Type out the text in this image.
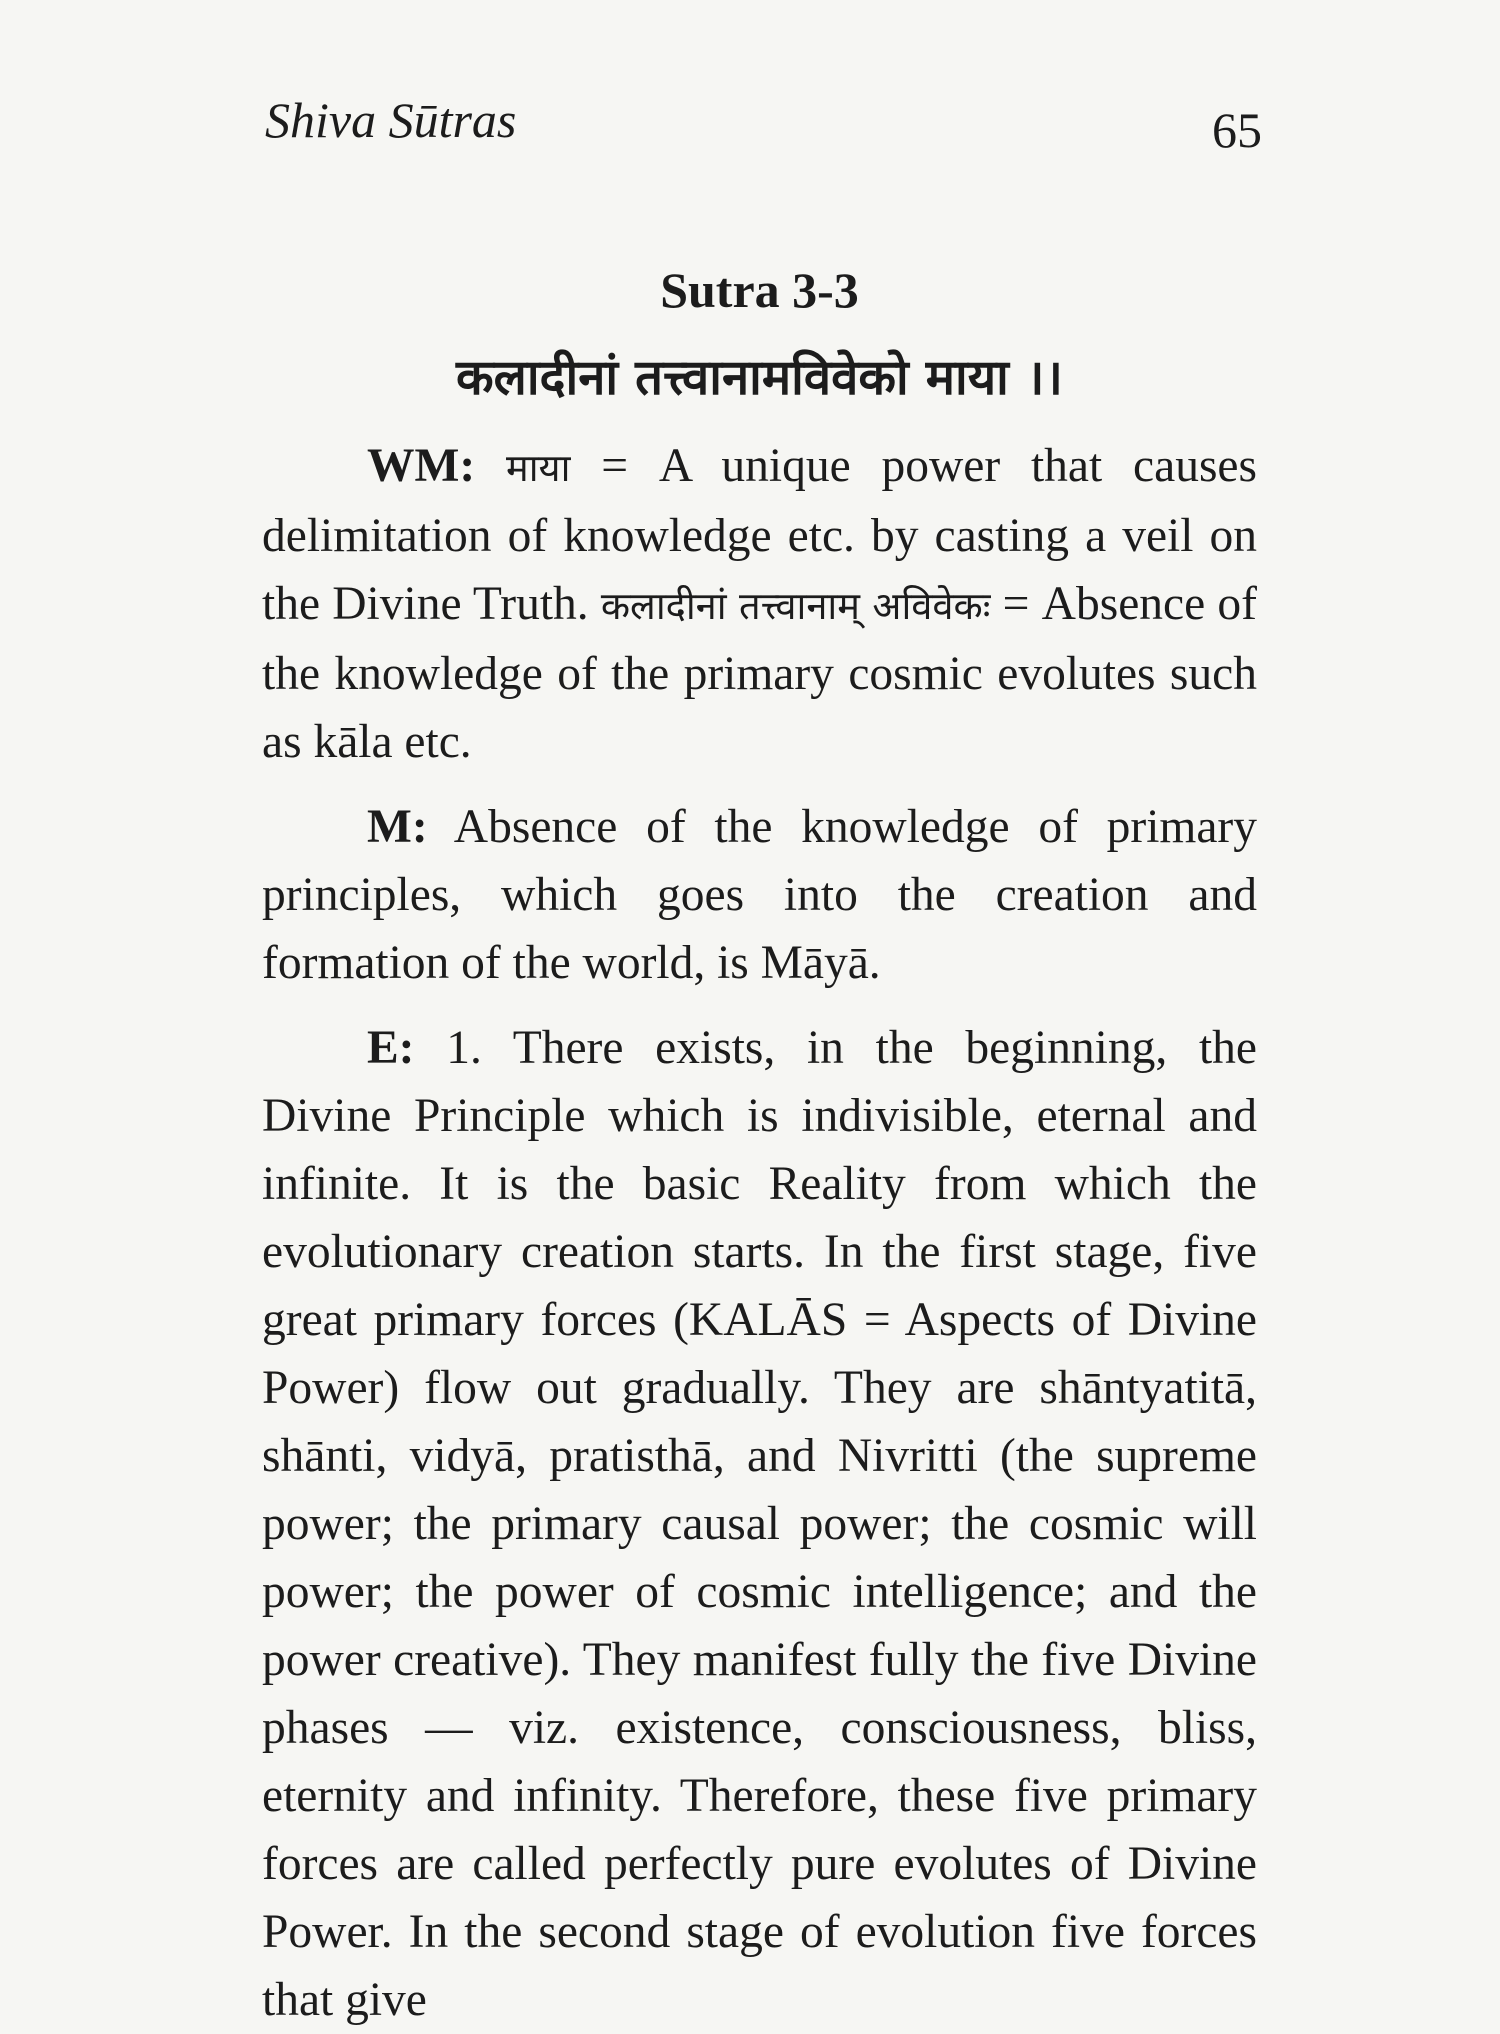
Shiva Sūtras	65
Sutra 3-3
कलादीनां तत्त्वानामविवेको माया ।।

WM: माया = A unique power that causes delimitation of knowledge etc. by casting a veil on the Divine Truth. कलादीनां तत्त्वानाम् अविवेकः = Absence of the knowledge of the primary cosmic evolutes such as kāla etc.

M: Absence of the knowledge of primary principles, which goes into the creation and formation of the world, is Māyā.

E: 1. There exists, in the beginning, the Divine Principle which is indivisible, eternal and infinite. It is the basic Reality from which the evolutionary creation starts. In the first stage, five great primary forces (KALĀS = Aspects of Divine Power) flow out gradually. They are shāntyatitā, shānti, vidyā, pratisthā, and Nivritti (the supreme power; the primary causal power; the cosmic will power; the power of cosmic intelligence; and the power creative). They manifest fully the five Divine phases — viz. existence, consciousness, bliss, eternity and infinity. Therefore, these five primary forces are called perfectly pure evolutes of Divine Power. In the second stage of evolution five forces that give
